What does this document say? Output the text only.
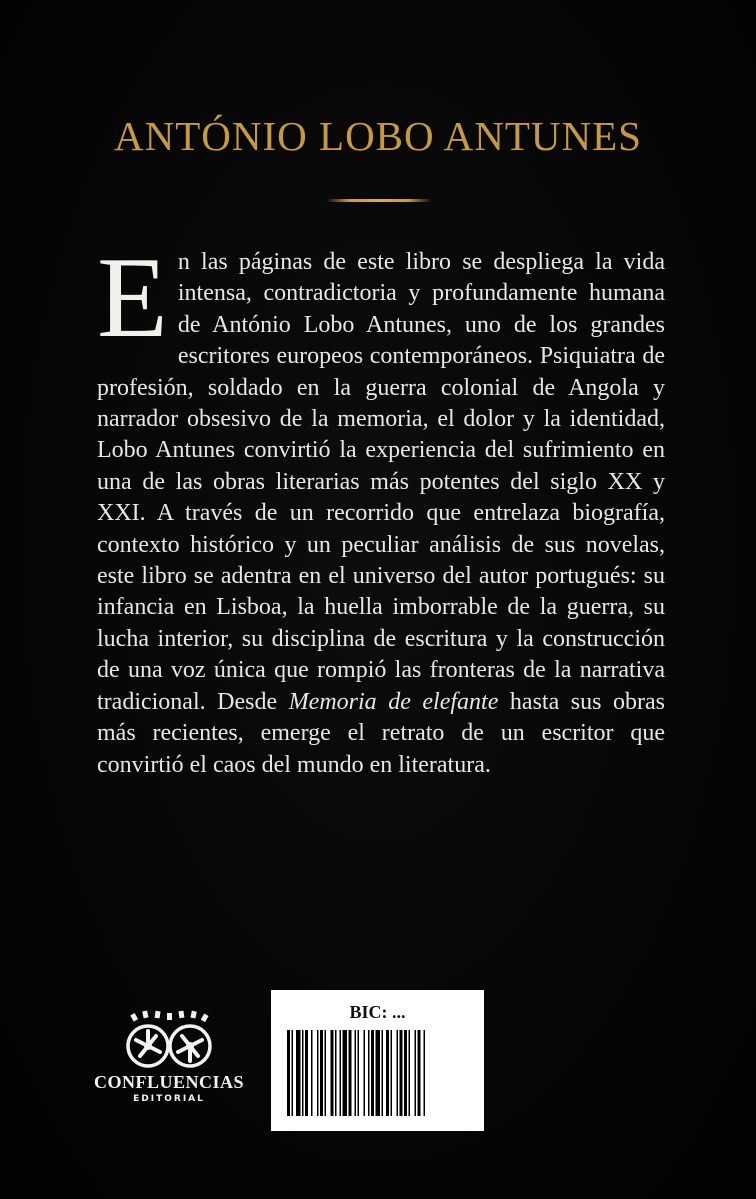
ANTÓNIO LOBO ANTUNES

En las páginas de este libro se despliega la vida intensa, contradictoria y profundamente humana de António Lobo Antunes, uno de los grandes escritores europeos contemporáneos. Psiquiatra de profesión, soldado en la guerra colonial de Angola y narrador obsesivo de la memoria, el dolor y la identidad, Lobo Antunes convirtió la experiencia del sufrimiento en una de las obras literarias más potentes del siglo XX y XXI. A través de un recorrido que entrelaza biografía, contexto histórico y un peculiar análisis de sus novelas, este libro se adentra en el universo del autor portugués: su infancia en Lisboa, la huella imborrable de la guerra, su lucha interior, su disciplina de escritura y la construcción de una voz única que rompió las fronteras de la narrativa tradicional. Desde Memoria de elefante hasta sus obras más recientes, emerge el retrato de un escritor que convirtió el caos del mundo en literatura.

CONFLUENCIAS
EDITORIAL
BIC: ...
